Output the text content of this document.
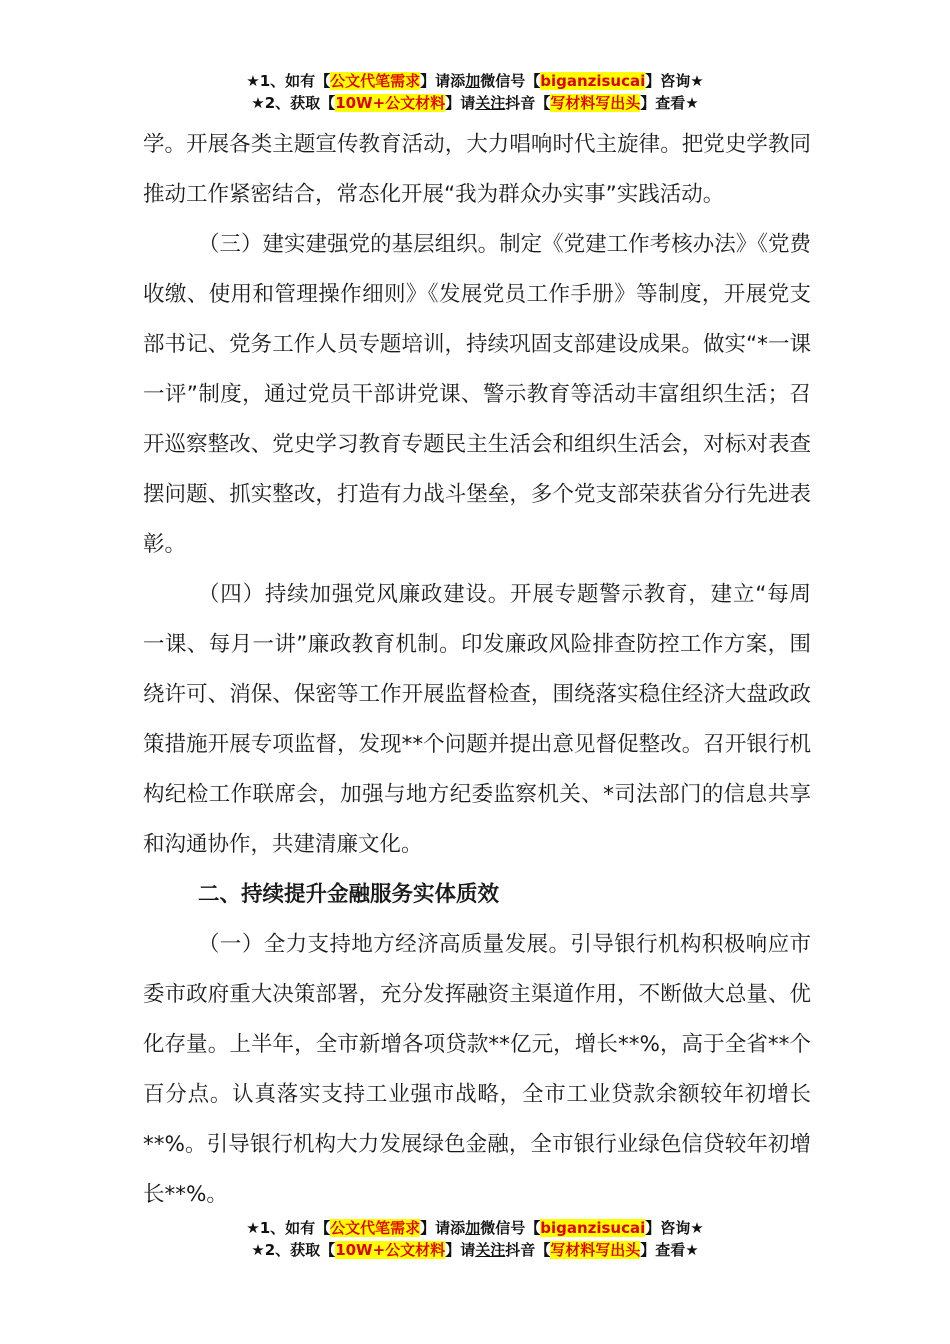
★1、如有【公文代笔需求】请添加微信号【biganzisucai】咨询★
★2、获取【10W+公文材料】请关注抖音【写材料写出头】查看★

学。开展各类主题宣传教育活动，大力唱响时代主旋律。把党史学教同推动工作紧密结合，常态化开展“我为群众办实事”实践活动。

（三）建实建强党的基层组织。制定《党建工作考核办法》《党费收缴、使用和管理操作细则》《发展党员工作手册》等制度，开展党支部书记、党务工作人员专题培训，持续巩固支部建设成果。做实“*一课一评”制度，通过党员干部讲党课、警示教育等活动丰富组织生活；召开巡察整改、党史学习教育专题民主生活会和组织生活会，对标对表查摆问题、抓实整改，打造有力战斗堡垒，多个党支部荣获省分行先进表彰。

（四）持续加强党风廉政建设。开展专题警示教育，建立“每周一课、每月一讲”廉政教育机制。印发廉政风险排查防控工作方案，围绕许可、消保、保密等工作开展监督检查，围绕落实稳住经济大盘政政策措施开展专项监督，发现**个问题并提出意见督促整改。召开银行机构纪检工作联席会，加强与地方纪委监察机关、*司法部门的信息共享和沟通协作，共建清廉文化。

二、持续提升金融服务实体质效

（一）全力支持地方经济高质量发展。引导银行机构积极响应市委市政府重大决策部署，充分发挥融资主渠道作用，不断做大总量、优化存量。上半年，全市新增各项贷款**亿元，增长**%，高于全省**个百分点。认真落实支持工业强市战略，全市工业贷款余额较年初增长**%。引导银行机构大力发展绿色金融，全市银行业绿色信贷较年初增长**%。

★1、如有【公文代笔需求】请添加微信号【biganzisucai】咨询★
★2、获取【10W+公文材料】请关注抖音【写材料写出头】查看★
